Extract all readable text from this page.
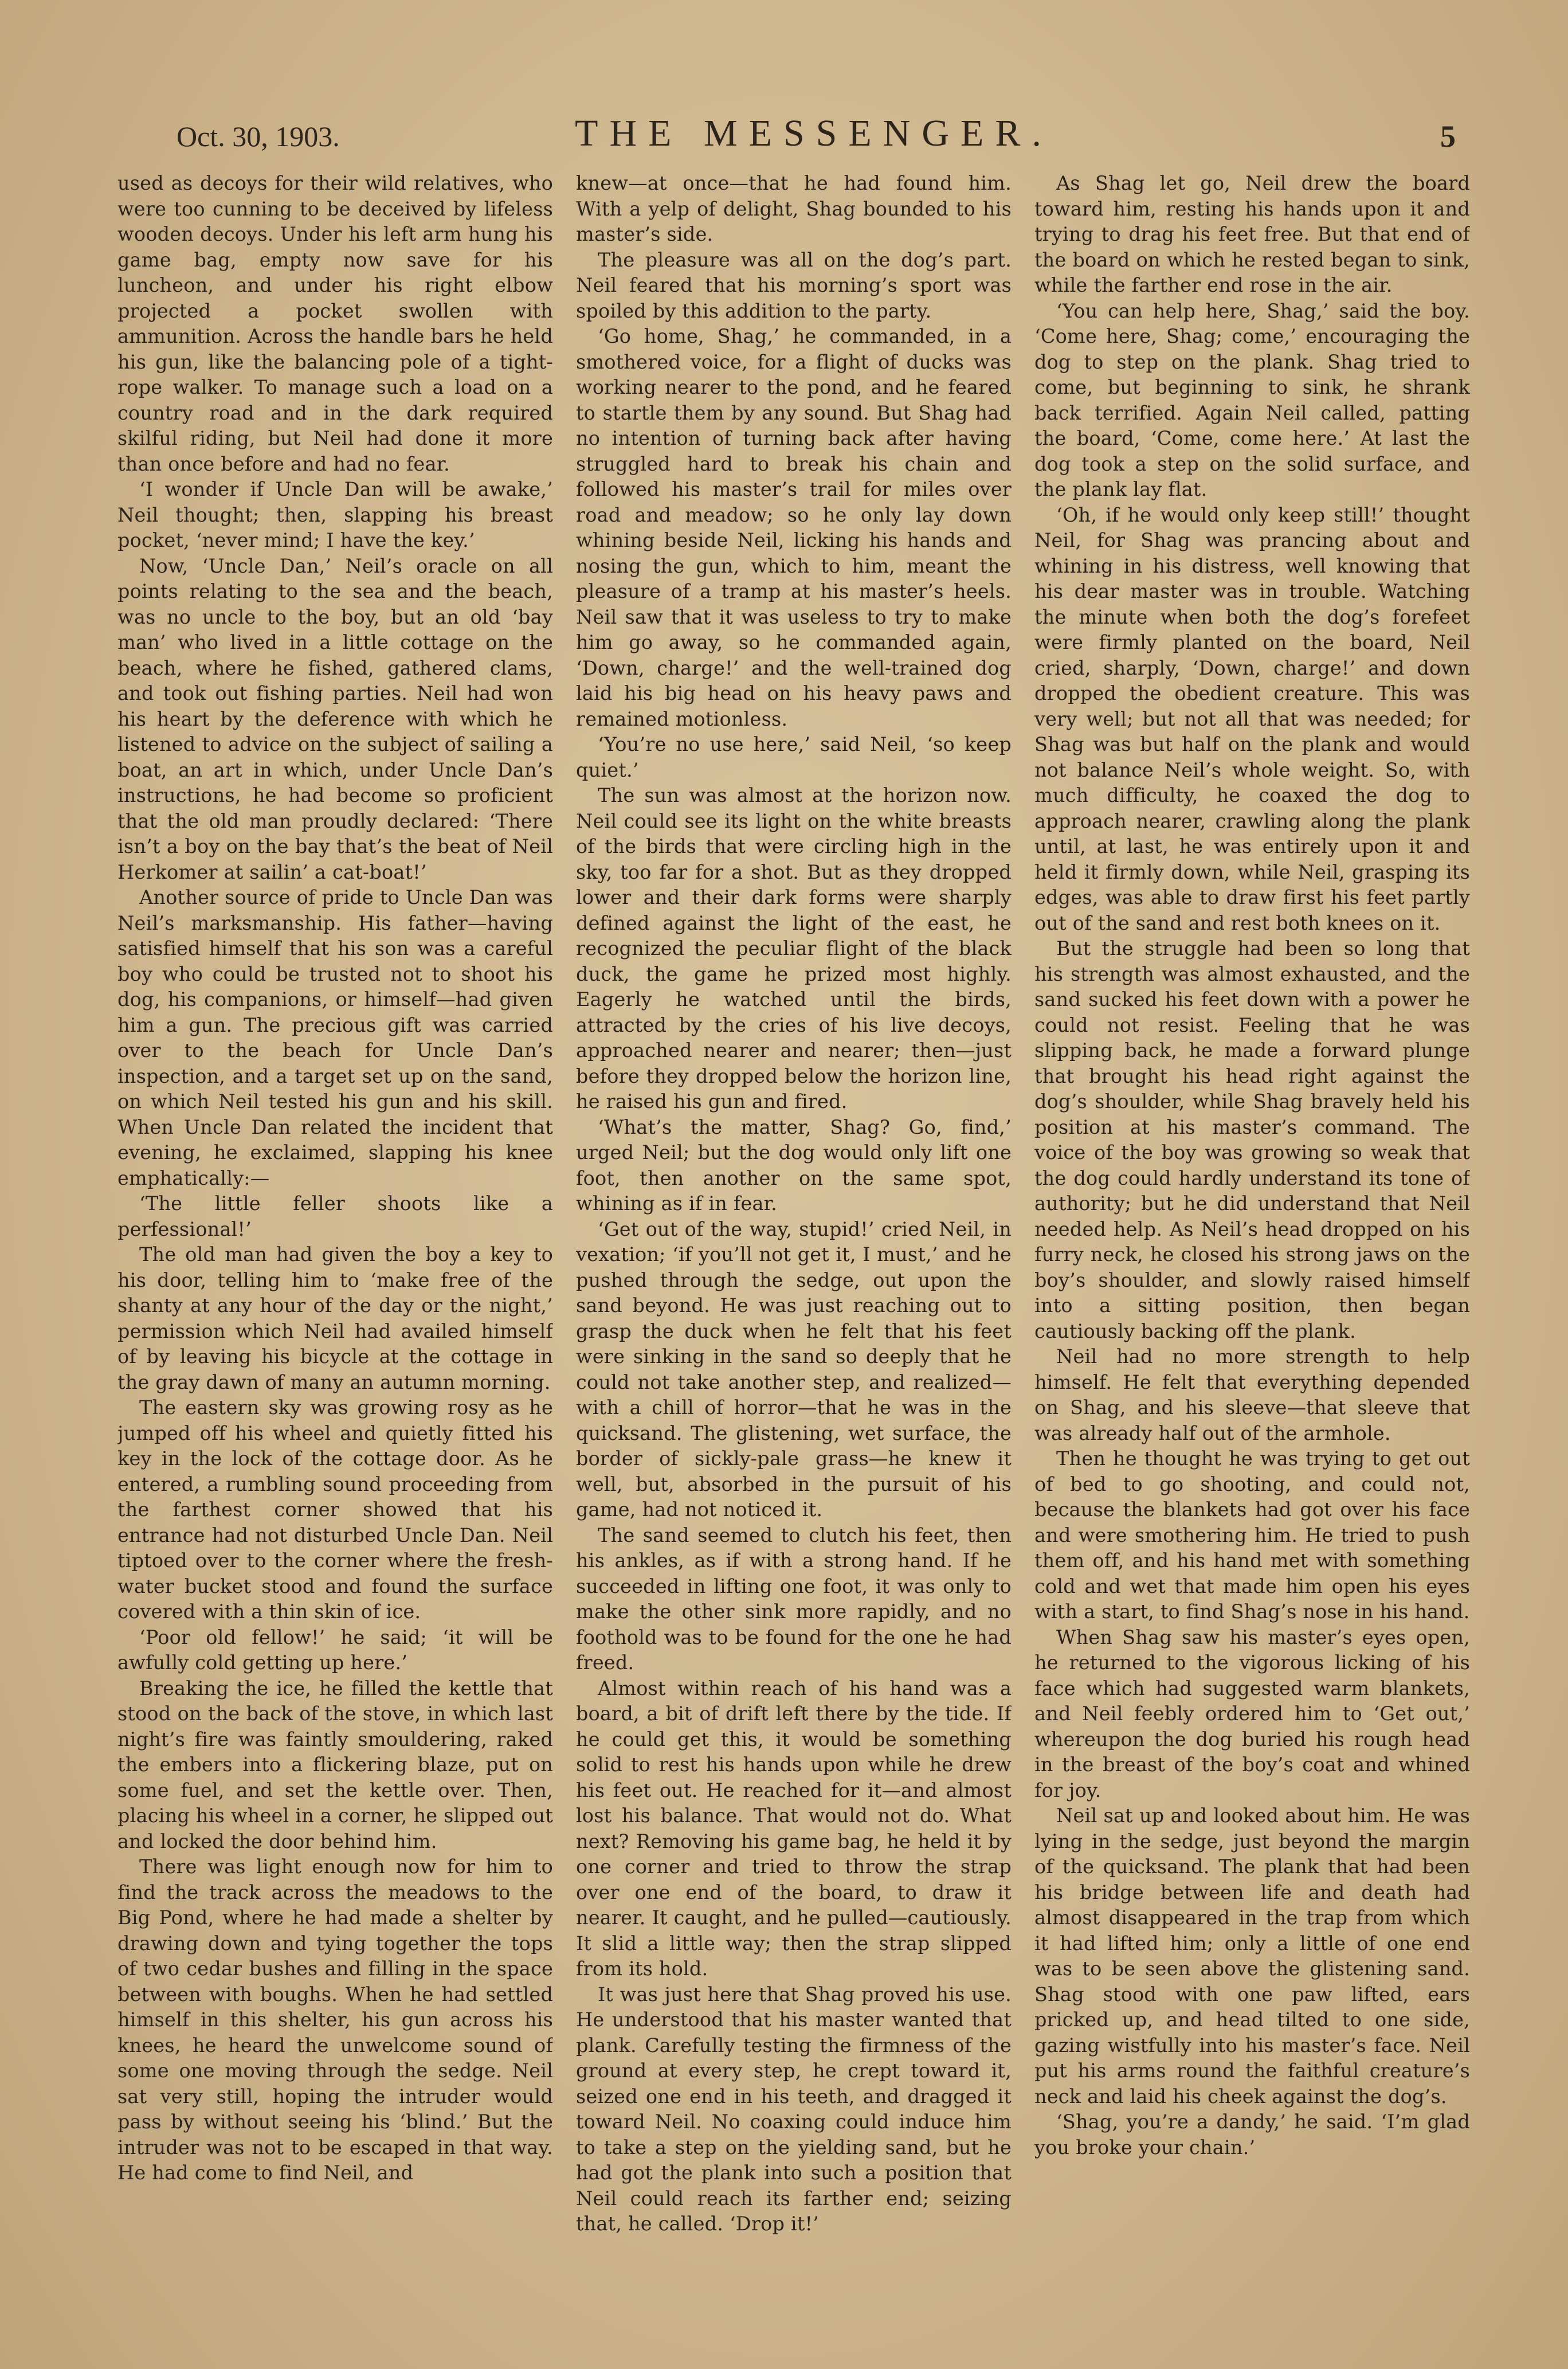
Oct. 30, 1903.	THE MESSENGER.	5

used as decoys for their wild relatives, who were too cunning to be deceived by lifeless wooden decoys. Under his left arm hung his game bag, empty now save for his luncheon, and under his right elbow projected a pocket swollen with ammunition. Across the handle bars he held his gun, like the balancing pole of a tight-rope walker. To manage such a load on a country road and in the dark required skilful riding, but Neil had done it more than once before and had no fear.

‘I wonder if Uncle Dan will be awake,’ Neil thought; then, slapping his breast pocket, ‘never mind; I have the key.’

Now, ‘Uncle Dan,’ Neil’s oracle on all points relating to the sea and the beach, was no uncle to the boy, but an old ‘bay man’ who lived in a little cottage on the beach, where he fished, gathered clams, and took out fishing parties. Neil had won his heart by the deference with which he listened to advice on the subject of sailing a boat, an art in which, under Uncle Dan’s instructions, he had become so proficient that the old man proudly declared: ‘There isn’t a boy on the bay that’s the beat of Neil Herkomer at sailin’ a cat-boat!’

Another source of pride to Uncle Dan was Neil’s marksmanship. His father—having satisfied himself that his son was a careful boy who could be trusted not to shoot his dog, his companions, or himself—had given him a gun. The precious gift was carried over to the beach for Uncle Dan’s inspection, and a target set up on the sand, on which Neil tested his gun and his skill. When Uncle Dan related the incident that evening, he exclaimed, slapping his knee emphatically:—

‘The little feller shoots like a perfessional!’

The old man had given the boy a key to his door, telling him to ‘make free of the shanty at any hour of the day or the night,’ permission which Neil had availed himself of by leaving his bicycle at the cottage in the gray dawn of many an autumn morning.

The eastern sky was growing rosy as he jumped off his wheel and quietly fitted his key in the lock of the cottage door. As he entered, a rumbling sound proceeding from the farthest corner showed that his entrance had not disturbed Uncle Dan. Neil tiptoed over to the corner where the fresh-water bucket stood and found the surface covered with a thin skin of ice.

‘Poor old fellow!’ he said; ‘it will be awfully cold getting up here.’

Breaking the ice, he filled the kettle that stood on the back of the stove, in which last night’s fire was faintly smouldering, raked the embers into a flickering blaze, put on some fuel, and set the kettle over. Then, placing his wheel in a corner, he slipped out and locked the door behind him.

There was light enough now for him to find the track across the meadows to the Big Pond, where he had made a shelter by drawing down and tying together the tops of two cedar bushes and filling in the space between with boughs. When he had settled himself in this shelter, his gun across his knees, he heard the unwelcome sound of some one moving through the sedge. Neil sat very still, hoping the intruder would pass by without seeing his ‘blind.’ But the intruder was not to be escaped in that way. He had come to find Neil, and

knew—at once—that he had found him. With a yelp of delight, Shag bounded to his master’s side.

The pleasure was all on the dog’s part. Neil feared that his morning’s sport was spoiled by this addition to the party.

‘Go home, Shag,’ he commanded, in a smothered voice, for a flight of ducks was working nearer to the pond, and he feared to startle them by any sound. But Shag had no intention of turning back after having struggled hard to break his chain and followed his master’s trail for miles over road and meadow; so he only lay down whining beside Neil, licking his hands and nosing the gun, which to him, meant the pleasure of a tramp at his master’s heels. Neil saw that it was useless to try to make him go away, so he commanded again, ‘Down, charge!’ and the well-trained dog laid his big head on his heavy paws and remained motionless.

‘You’re no use here,’ said Neil, ‘so keep quiet.’

The sun was almost at the horizon now. Neil could see its light on the white breasts of the birds that were circling high in the sky, too far for a shot. But as they dropped lower and their dark forms were sharply defined against the light of the east, he recognized the peculiar flight of the black duck, the game he prized most highly. Eagerly he watched until the birds, attracted by the cries of his live decoys, approached nearer and nearer; then—just before they dropped below the horizon line, he raised his gun and fired.

‘What’s the matter, Shag? Go, find,’ urged Neil; but the dog would only lift one foot, then another on the same spot, whining as if in fear.

‘Get out of the way, stupid!’ cried Neil, in vexation; ‘if you’ll not get it, I must,’ and he pushed through the sedge, out upon the sand beyond. He was just reaching out to grasp the duck when he felt that his feet were sinking in the sand so deeply that he could not take another step, and realized—with a chill of horror—that he was in the quicksand. The glistening, wet surface, the border of sickly-pale grass—he knew it well, but, absorbed in the pursuit of his game, had not noticed it.

The sand seemed to clutch his feet, then his ankles, as if with a strong hand. If he succeeded in lifting one foot, it was only to make the other sink more rapidly, and no foothold was to be found for the one he had freed.

Almost within reach of his hand was a board, a bit of drift left there by the tide. If he could get this, it would be something solid to rest his hands upon while he drew his feet out. He reached for it—and almost lost his balance. That would not do. What next? Removing his game bag, he held it by one corner and tried to throw the strap over one end of the board, to draw it nearer. It caught, and he pulled—cautiously. It slid a little way; then the strap slipped from its hold.

It was just here that Shag proved his use. He understood that his master wanted that plank. Carefully testing the firmness of the ground at every step, he crept toward it, seized one end in his teeth, and dragged it toward Neil. No coaxing could induce him to take a step on the yielding sand, but he had got the plank into such a position that Neil could reach its farther end; seizing that, he called. ‘Drop it!’

As Shag let go, Neil drew the board toward him, resting his hands upon it and trying to drag his feet free. But that end of the board on which he rested began to sink, while the farther end rose in the air.

‘You can help here, Shag,’ said the boy. ‘Come here, Shag; come,’ encouraging the dog to step on the plank. Shag tried to come, but beginning to sink, he shrank back terrified. Again Neil called, patting the board, ‘Come, come here.’ At last the dog took a step on the solid surface, and the plank lay flat.

‘Oh, if he would only keep still!’ thought Neil, for Shag was prancing about and whining in his distress, well knowing that his dear master was in trouble. Watching the minute when both the dog’s forefeet were firmly planted on the board, Neil cried, sharply, ‘Down, charge!’ and down dropped the obedient creature. This was very well; but not all that was needed; for Shag was but half on the plank and would not balance Neil’s whole weight. So, with much difficulty, he coaxed the dog to approach nearer, crawling along the plank until, at last, he was entirely upon it and held it firmly down, while Neil, grasping its edges, was able to draw first his feet partly out of the sand and rest both knees on it.

But the struggle had been so long that his strength was almost exhausted, and the sand sucked his feet down with a power he could not resist. Feeling that he was slipping back, he made a forward plunge that brought his head right against the dog’s shoulder, while Shag bravely held his position at his master’s command. The voice of the boy was growing so weak that the dog could hardly understand its tone of authority; but he did understand that Neil needed help. As Neil’s head dropped on his furry neck, he closed his strong jaws on the boy’s shoulder, and slowly raised himself into a sitting position, then began cautiously backing off the plank.

Neil had no more strength to help himself. He felt that everything depended on Shag, and his sleeve—that sleeve that was already half out of the armhole.

Then he thought he was trying to get out of bed to go shooting, and could not, because the blankets had got over his face and were smothering him. He tried to push them off, and his hand met with something cold and wet that made him open his eyes with a start, to find Shag’s nose in his hand.

When Shag saw his master’s eyes open, he returned to the vigorous licking of his face which had suggested warm blankets, and Neil feebly ordered him to ‘Get out,’ whereupon the dog buried his rough head in the breast of the boy’s coat and whined for joy.

Neil sat up and looked about him. He was lying in the sedge, just beyond the margin of the quicksand. The plank that had been his bridge between life and death had almost disappeared in the trap from which it had lifted him; only a little of one end was to be seen above the glistening sand. Shag stood with one paw lifted, ears pricked up, and head tilted to one side, gazing wistfully into his master’s face. Neil put his arms round the faithful creature’s neck and laid his cheek against the dog’s.

‘Shag, you’re a dandy,’ he said. ‘I’m glad you broke your chain.’
